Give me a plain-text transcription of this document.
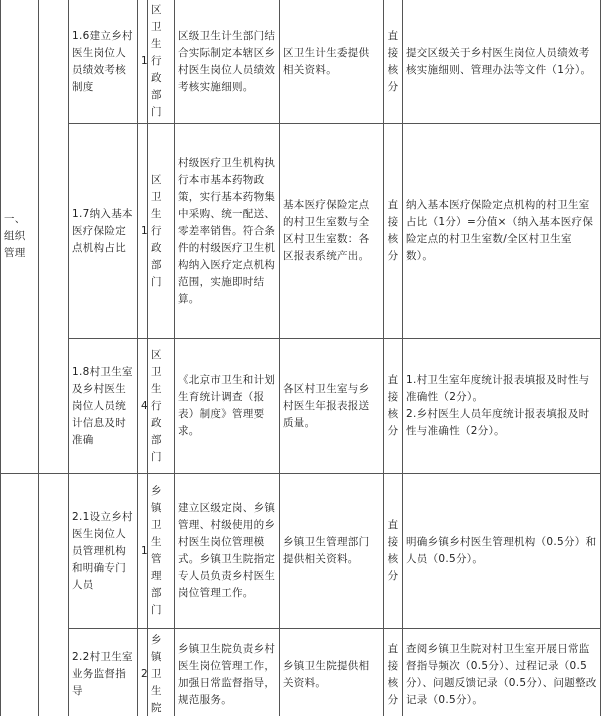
一、
组织
管理		1.6建立乡村医生岗位人员绩效考核制度	1	区卫生行政部门	区级卫生计生部门结合实际制定本辖区乡村医生岗位人员绩效考核实施细则。	区卫生计生委提供相关资料。	直接核分	提交区级关于乡村医生岗位人员绩效考核实施细则、管理办法等文件（1分）。
		1.7纳入基本医疗保险定点机构占比	1	区卫生行政部门	村级医疗卫生机构执行本市基本药物政策，实行基本药物集中采购、统一配送、零差率销售。符合条件的村级医疗卫生机构纳入医疗定点机构范围，实施即时结算。	基本医疗保险定点的村卫生室数与全区村卫生室数：各区报表系统产出。	直接核分	纳入基本医疗保险定点机构的村卫生室占比（1分）=分值×（纳入基本医疗保险定点的村卫生室数/全区村卫生室数）。
		1.8村卫生室及乡村医生岗位人员统计信息及时准确	4	区卫生行政部门	《北京市卫生和计划生育统计调查（报表）制度》管理要求。	各区村卫生室与乡村医生年报表报送质量。	直接核分	1.村卫生室年度统计报表填报及时性与准确性（2分）。
2.乡村医生人员年度统计报表填报及时性与准确性（2分）。

		2.1设立乡村医生岗位人员管理机构和明确专门人员	1	乡镇卫生管理部门	建立区级定岗、乡镇管理、村级使用的乡村医生岗位管理模式。乡镇卫生院指定专人员负责乡村医生岗位管理工作。	乡镇卫生管理部门提供相关资料。	直接核分	明确乡镇乡村医生管理机构（0.5分）和人员（0.5分）。
		2.2村卫生室业务监督指导	2	乡镇卫生院	乡镇卫生院负责乡村医生岗位管理工作，加强日常监督指导，规范服务。	乡镇卫生院提供相关资料。	直接核分	查阅乡镇卫生院对村卫生室开展日常监督指导频次（0.5分）、过程记录（0.5分）、问题反馈记录（0.5分）、问题整改记录（0.5分）。
